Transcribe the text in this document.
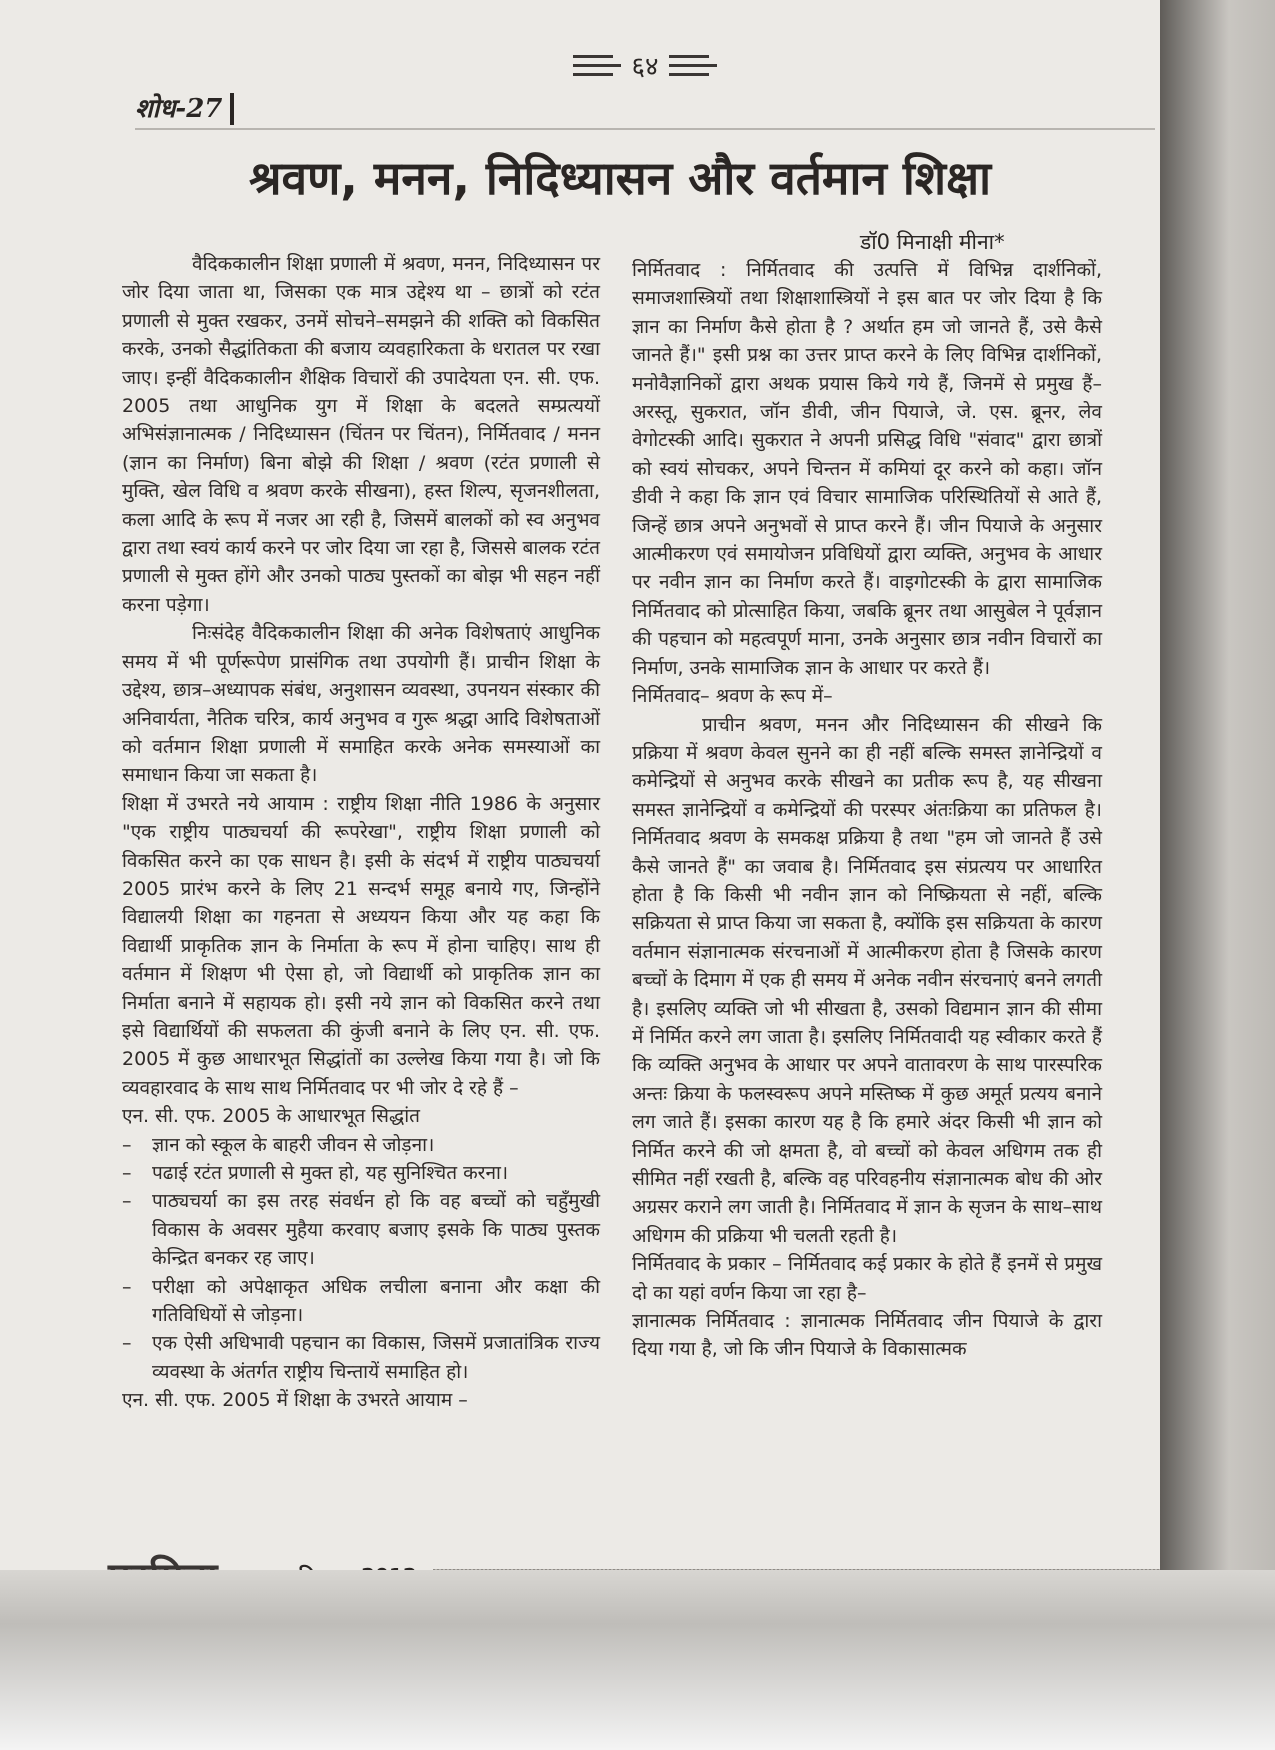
६४
शोध-27
श्रवण, मनन, निदिध्यासन और वर्तमान शिक्षा
डॉ0 मिनाक्षी मीना*

वैदिककालीन शिक्षा प्रणाली में श्रवण, मनन, निदिध्यासन पर जोर दिया जाता था, जिसका एक मात्र उद्देश्य था – छात्रों को रटंत प्रणाली से मुक्त रखकर, उनमें सोचने–समझने की शक्ति को विकसित करके, उनको सैद्धांतिकता की बजाय व्यवहारिकता के धरातल पर रखा जाए। इन्हीं वैदिककालीन शैक्षिक विचारों की उपादेयता एन. सी. एफ. 2005 तथा आधुनिक युग में शिक्षा के बदलते सम्प्रत्ययों अभिसंज्ञानात्मक / निदिध्यासन (चिंतन पर चिंतन), निर्मितवाद / मनन (ज्ञान का निर्माण) बिना बोझे की शिक्षा / श्रवण (रटंत प्रणाली से मुक्ति, खेल विधि व श्रवण करके सीखना), हस्त शिल्प, सृजनशीलता, कला आदि के रूप में नजर आ रही है, जिसमें बालकों को स्व अनुभव द्वारा तथा स्वयं कार्य करने पर जोर दिया जा रहा है, जिससे बालक रटंत प्रणाली से मुक्त होंगे और उनको पाठ्य पुस्तकों का बोझ भी सहन नहीं करना पड़ेगा।

निःसंदेह वैदिककालीन शिक्षा की अनेक विशेषताएं आधुनिक समय में भी पूर्णरूपेण प्रासंगिक तथा उपयोगी हैं। प्राचीन शिक्षा के उद्देश्य, छात्र–अध्यापक संबंध, अनुशासन व्यवस्था, उपनयन संस्कार की अनिवार्यता, नैतिक चरित्र, कार्य अनुभव व गुरू श्रद्धा आदि विशेषताओं को वर्तमान शिक्षा प्रणाली में समाहित करके अनेक समस्याओं का समाधान किया जा सकता है।

शिक्षा में उभरते नये आयाम : राष्ट्रीय शिक्षा नीति 1986 के अनुसार "एक राष्ट्रीय पाठ्यचर्या की रूपरेखा", राष्ट्रीय शिक्षा प्रणाली को विकसित करने का एक साधन है। इसी के संदर्भ में राष्ट्रीय पाठ्यचर्या 2005 प्रारंभ करने के लिए 21 सन्दर्भ समूह बनाये गए, जिन्होंने विद्यालयी शिक्षा का गहनता से अध्ययन किया और यह कहा कि विद्यार्थी प्राकृतिक ज्ञान के निर्माता के रूप में होना चाहिए। साथ ही वर्तमान में शिक्षण भी ऐसा हो, जो विद्यार्थी को प्राकृतिक ज्ञान का निर्माता बनाने में सहायक हो। इसी नये ज्ञान को विकसित करने तथा इसे विद्यार्थियों की सफलता की कुंजी बनाने के लिए एन. सी. एफ. 2005 में कुछ आधारभूत सिद्धांतों का उल्लेख किया गया है। जो कि व्यवहारवाद के साथ साथ निर्मितवाद पर भी जोर दे रहे हैं –

एन. सी. एफ. 2005 के आधारभूत सिद्धांत

– ज्ञान को स्कूल के बाहरी जीवन से जोड़ना।
– पढाई रटंत प्रणाली से मुक्त हो, यह सुनिश्चित करना।
– पाठ्यचर्या का इस तरह संवर्धन हो कि वह बच्चों को चहुँमुखी विकास के अवसर मुहैया करवाए बजाए इसके कि पाठ्य पुस्तक केन्द्रित बनकर रह जाए।
– परीक्षा को अपेक्षाकृत अधिक लचीला बनाना और कक्षा की गतिविधियों से जोड़ना।
– एक ऐसी अधिभावी पहचान का विकास, जिसमें प्रजातांत्रिक राज्य व्यवस्था के अंतर्गत राष्ट्रीय चिन्तायें समाहित हो।

एन. सी. एफ. 2005 में शिक्षा के उभरते आयाम –

निर्मितवाद : निर्मितवाद की उत्पत्ति में विभिन्न दार्शनिकों, समाजशास्त्रियों तथा शिक्षाशास्त्रियों ने इस बात पर जोर दिया है कि ज्ञान का निर्माण कैसे होता है ? अर्थात हम जो जानते हैं, उसे कैसे जानते हैं।" इसी प्रश्न का उत्तर प्राप्त करने के लिए विभिन्न दार्शनिकों, मनोवैज्ञानिकों द्वारा अथक प्रयास किये गये हैं, जिनमें से प्रमुख हैं– अरस्तू, सुकरात, जॉन डीवी, जीन पियाजे, जे. एस. ब्रूनर, लेव वेगोटस्की आदि। सुकरात ने अपनी प्रसिद्ध विधि "संवाद" द्वारा छात्रों को स्वयं सोचकर, अपने चिन्तन में कमियां दूर करने को कहा। जॉन डीवी ने कहा कि ज्ञान एवं विचार सामाजिक परिस्थितियों से आते हैं, जिन्हें छात्र अपने अनुभवों से प्राप्त करने हैं। जीन पियाजे के अनुसार आत्मीकरण एवं समायोजन प्रविधियों द्वारा व्यक्ति, अनुभव के आधार पर नवीन ज्ञान का निर्माण करते हैं। वाइगोटस्की के द्वारा सामाजिक निर्मितवाद को प्रोत्साहित किया, जबकि ब्रूनर तथा आसुबेल ने पूर्वज्ञान की पहचान को महत्वपूर्ण माना, उनके अनुसार छात्र नवीन विचारों का निर्माण, उनके सामाजिक ज्ञान के आधार पर करते हैं।

निर्मितवाद– श्रवण के रूप में–

प्राचीन श्रवण, मनन और निदिध्यासन की सीखने कि प्रक्रिया में श्रवण केवल सुनने का ही नहीं बल्कि समस्त ज्ञानेन्द्रियों व कमेन्द्रियों से अनुभव करके सीखने का प्रतीक रूप है, यह सीखना समस्त ज्ञानेन्द्रियों व कमेन्द्रियों की परस्पर अंतःक्रिया का प्रतिफल है। निर्मितवाद श्रवण के समकक्ष प्रक्रिया है तथा "हम जो जानते हैं उसे कैसे जानते हैं" का जवाब है। निर्मितवाद इस संप्रत्यय पर आधारित होता है कि किसी भी नवीन ज्ञान को निष्क्रियता से नहीं, बल्कि सक्रियता से प्राप्त किया जा सकता है, क्योंकि इस सक्रियता के कारण वर्तमान संज्ञानात्मक संरचनाओं में आत्मीकरण होता है जिसके कारण बच्चों के दिमाग में एक ही समय में अनेक नवीन संरचनाएं बनने लगती है। इसलिए व्यक्ति जो भी सीखता है, उसको विद्यमान ज्ञान की सीमा में निर्मित करने लग जाता है। इसलिए निर्मितवादी यह स्वीकार करते हैं कि व्यक्ति अनुभव के आधार पर अपने वातावरण के साथ पारस्परिक अन्तः क्रिया के फलस्वरूप अपने मस्तिष्क में कुछ अमूर्त प्रत्यय बनाने लग जाते हैं। इसका कारण यह है कि हमारे अंदर किसी भी ज्ञान को निर्मित करने की जो क्षमता है, वो बच्चों को केवल अधिगम तक ही सीमित नहीं रखती है, बल्कि वह परिवहनीय संज्ञानात्मक बोध की ओर अग्रसर कराने लग जाती है। निर्मितवाद में ज्ञान के सृजन के साथ–साथ अधिगम की प्रक्रिया भी चलती रहती है।

निर्मितवाद के प्रकार – निर्मितवाद कई प्रकार के होते हैं इनमें से प्रमुख दो का यहां वर्णन किया जा रहा है–

ज्ञानात्मक निर्मितवाद : ज्ञानात्मक निर्मितवाद जीन पियाजे के द्वारा दिया गया है, जो कि जीन पियाजे के विकासात्मक
